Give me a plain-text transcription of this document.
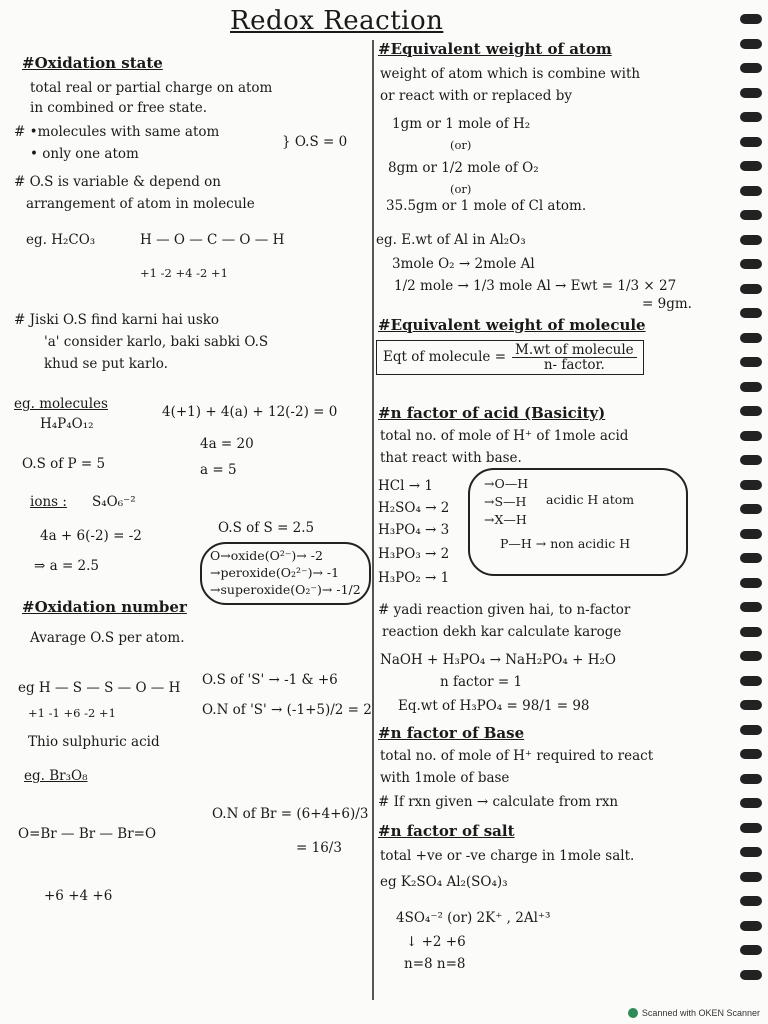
Redox Reaction
#Oxidation state
total real or partial charge on atom
in combined or free state.
# •molecules with same atom
• only one atom
} O.S = 0
# O.S is variable & depend on
arrangement of atom in molecule
eg. H₂CO₃	H — O — C — O — H
+1 -2 +4 -2 +1
# Jiski O.S find karni hai usko
'a' consider karlo, baki sabki O.S
khud se put karlo.
eg. molecules
H₄P₄O₁₂
4(+1) + 4(a) + 12(-2) = 0
4a = 20
a = 5
O.S of P = 5
ions : S₄O₆⁻²
4a + 6(-2) = -2
⇒ a = 2.5
O.S of S = 2.5
O→oxide(O²⁻)→ -2
→peroxide(O₂²⁻)→ -1
→superoxide(O₂⁻)→ -1/2
#Oxidation number
Avarage O.S per atom.
eg H — S — S — O — H
+1 -1 +6 -2 +1
O.S of 'S' → -1 & +6
O.N of 'S' → (-1+5)/2 = 2
Thio sulphuric acid
eg. Br₃O₈
O=Br — Br — Br=O
+6 +4 +6
O.N of Br = (6+4+6)/3
= 16/3
#Equivalent weight of atom
weight of atom which is combine with
or react with or replaced by
1gm or 1 mole of H₂
(or)
8gm or 1/2 mole of O₂
(or)
35.5gm or 1 mole of Cl atom.
eg. E.wt of Al in Al₂O₃
3mole O₂ → 2mole Al
1/2 mole → 1/3 mole Al → Ewt = 1/3 × 27
= 9gm.
#Equivalent weight of molecule
Eqt of molecule = $\frac{\text{M.wt of molecule}}{\text{n- factor.}}$
#n factor of acid (Basicity)
total no. of mole of H⁺ of 1mole acid
that react with base.
HCl → 1
H₂SO₄ → 2
H₃PO₄ → 3
H₃PO₃ → 2
H₃PO₂ → 1
→O—H
→S—H
→X—H
acidic H atom
P—H → non acidic H
# yadi reaction given hai, to n-factor
reaction dekh kar calculate karoge
NaOH + H₃PO₄ → NaH₂PO₄ + H₂O
n factor = 1
Eq.wt of H₃PO₄ = 98/1 = 98
#n factor of Base
total no. of mole of H⁺ required to react
with 1mole of base
# If rxn given → calculate from rxn
#n factor of salt
total +ve or -ve charge in 1mole salt.
eg K₂SO₄ Al₂(SO₄)₃
4SO₄⁻² (or) 2K⁺ , 2Al⁺³
↓ +2 +6
n=8 n=8
Scanned with OKEN Scanner
